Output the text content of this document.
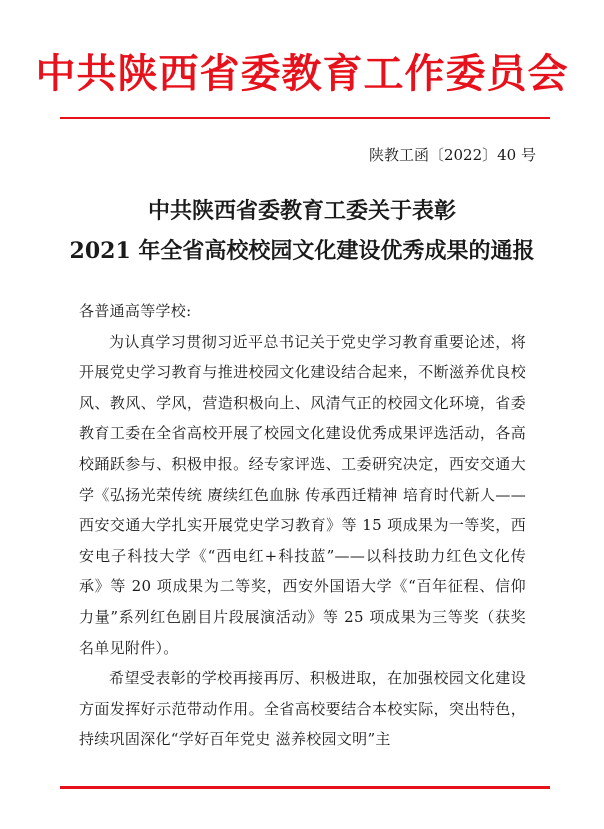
中共陕西省委教育工作委员会
陕教工函〔2022〕40 号
中共陕西省委教育工委关于表彰
2021 年全省高校校园文化建设优秀成果的通报

各普通高等学校:

为认真学习贯彻习近平总书记关于党史学习教育重要论述，将开展党史学习教育与推进校园文化建设结合起来，不断滋养优良校风、教风、学风，营造积极向上、风清气正的校园文化环境，省委教育工委在全省高校开展了校园文化建设优秀成果评选活动，各高校踊跃参与、积极申报。经专家评选、工委研究决定，西安交通大学《弘扬光荣传统 赓续红色血脉 传承西迁精神 培育时代新人——西安交通大学扎实开展党史学习教育》等 15 项成果为一等奖，西安电子科技大学《“西电红+科技蓝”——以科技助力红色文化传承》等 20 项成果为二等奖，西安外国语大学《“百年征程、信仰力量”系列红色剧目片段展演活动》等 25 项成果为三等奖（获奖名单见附件）。

希望受表彰的学校再接再厉、积极进取，在加强校园文化建设方面发挥好示范带动作用。全省高校要结合本校实际，突出特色，持续巩固深化“学好百年党史 滋养校园文明”主
